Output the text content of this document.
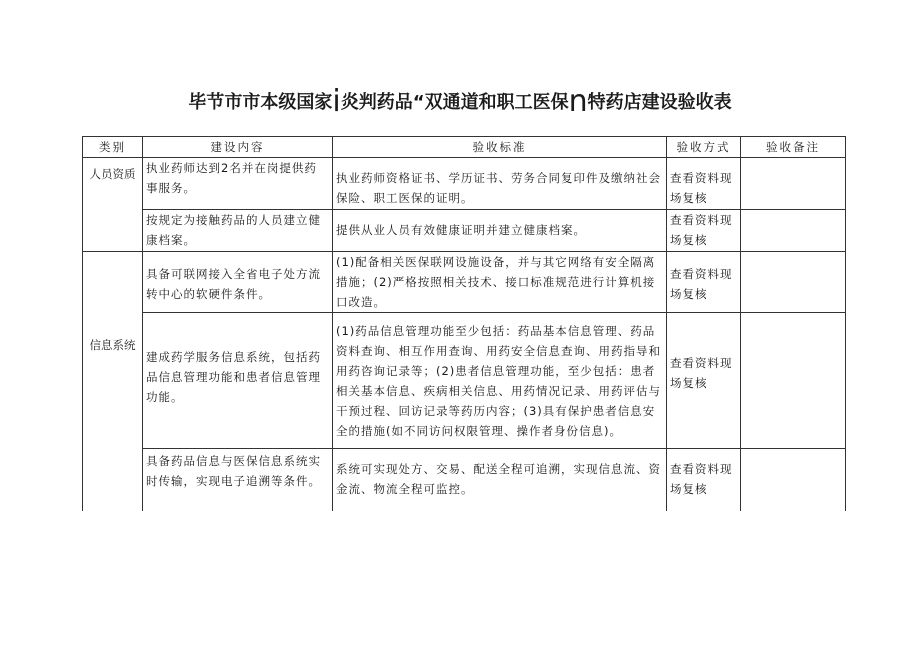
毕节市市本级国家i炎判药品“双通道和职工医保n特药店建设验收表
类别	建设内容	验收标准	验收方式	验收备注
人员资质	执业药师达到2名并在岗提供药事服务。	执业药师资格证书、学历证书、劳务合同复印件及缴纳社会保险、职工医保的证明。	查看资料现场复核	
	按规定为接触药品的人员建立健康档案。	提供从业人员有效健康证明并建立健康档案。	查看资料现场复核	
	具备可联网接入全省电子处方流转中心的软硬件条件。	(1)配备相关医保联网设施设备，并与其它网络有安全隔离措施；(2)严格按照相关技术、接口标准规范进行计算机接口改造。	查看资料现场复核	
信息系统	建成药学服务信息系统，包括药品信息管理功能和患者信息管理功能。	(1)药品信息管理功能至少包括：药品基本信息管理、药品资料查询、相互作用查询、用药安全信息查询、用药指导和用药咨询记录等；(2)患者信息管理功能，至少包括：患者相关基本信息、疾病相关信息、用药情况记录、用药评估与干预过程、回访记录等药历内容；(3)具有保护患者信息安全的措施(如不同访问权限管理、操作者身份信息)。	查看资料现场复核	
	具备药品信息与医保信息系统实时传输，实现电子追溯等条件。	系统可实现处方、交易、配送全程可追溯，实现信息流、资金流、物流全程可监控。	查看资料现场复核	
